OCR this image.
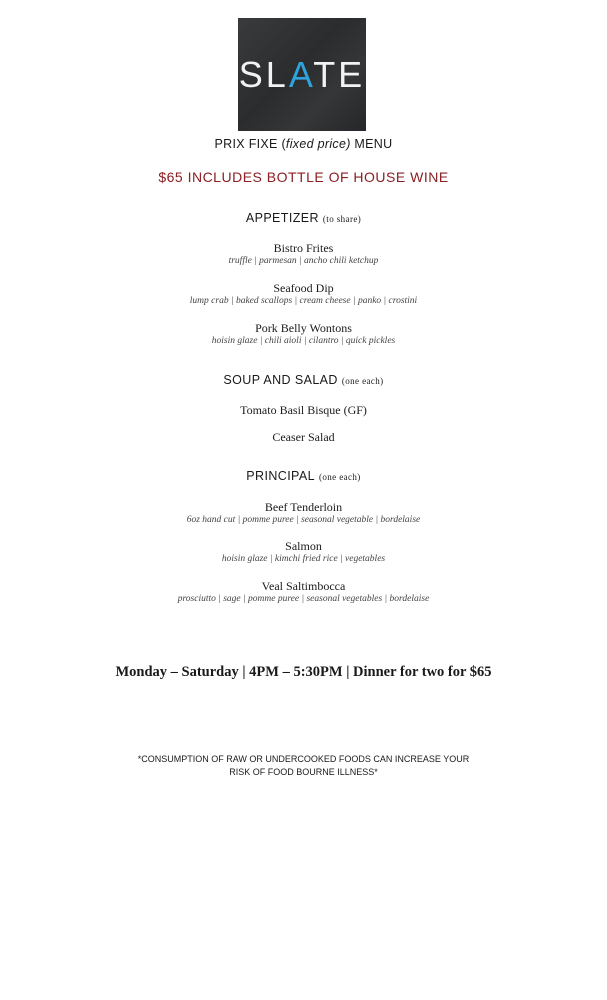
SLATE
PRIX FIXE (fixed price) MENU
$65 INCLUDES BOTTLE OF HOUSE WINE
APPETIZER (to share)
Bistro Frites
truffle | parmesan | ancho chili ketchup
Seafood Dip
lump crab | baked scallops | cream cheese | panko | crostini
Pork Belly Wontons
hoisin glaze | chili aioli | cilantro | quick pickles
SOUP AND SALAD (one each)
Tomato Basil Bisque (GF)
Ceaser Salad
PRINCIPAL (one each)
Beef Tenderloin
6oz hand cut | pomme puree | seasonal vegetable | bordelaise
Salmon
hoisin glaze | kimchi fried rice | vegetables
Veal Saltimbocca
prosciutto | sage | pomme puree | seasonal vegetables | bordelaise
Monday – Saturday | 4PM – 5:30PM | Dinner for two for $65
*CONSUMPTION OF RAW OR UNDERCOOKED FOODS CAN INCREASE YOUR
RISK OF FOOD BOURNE ILLNESS*
